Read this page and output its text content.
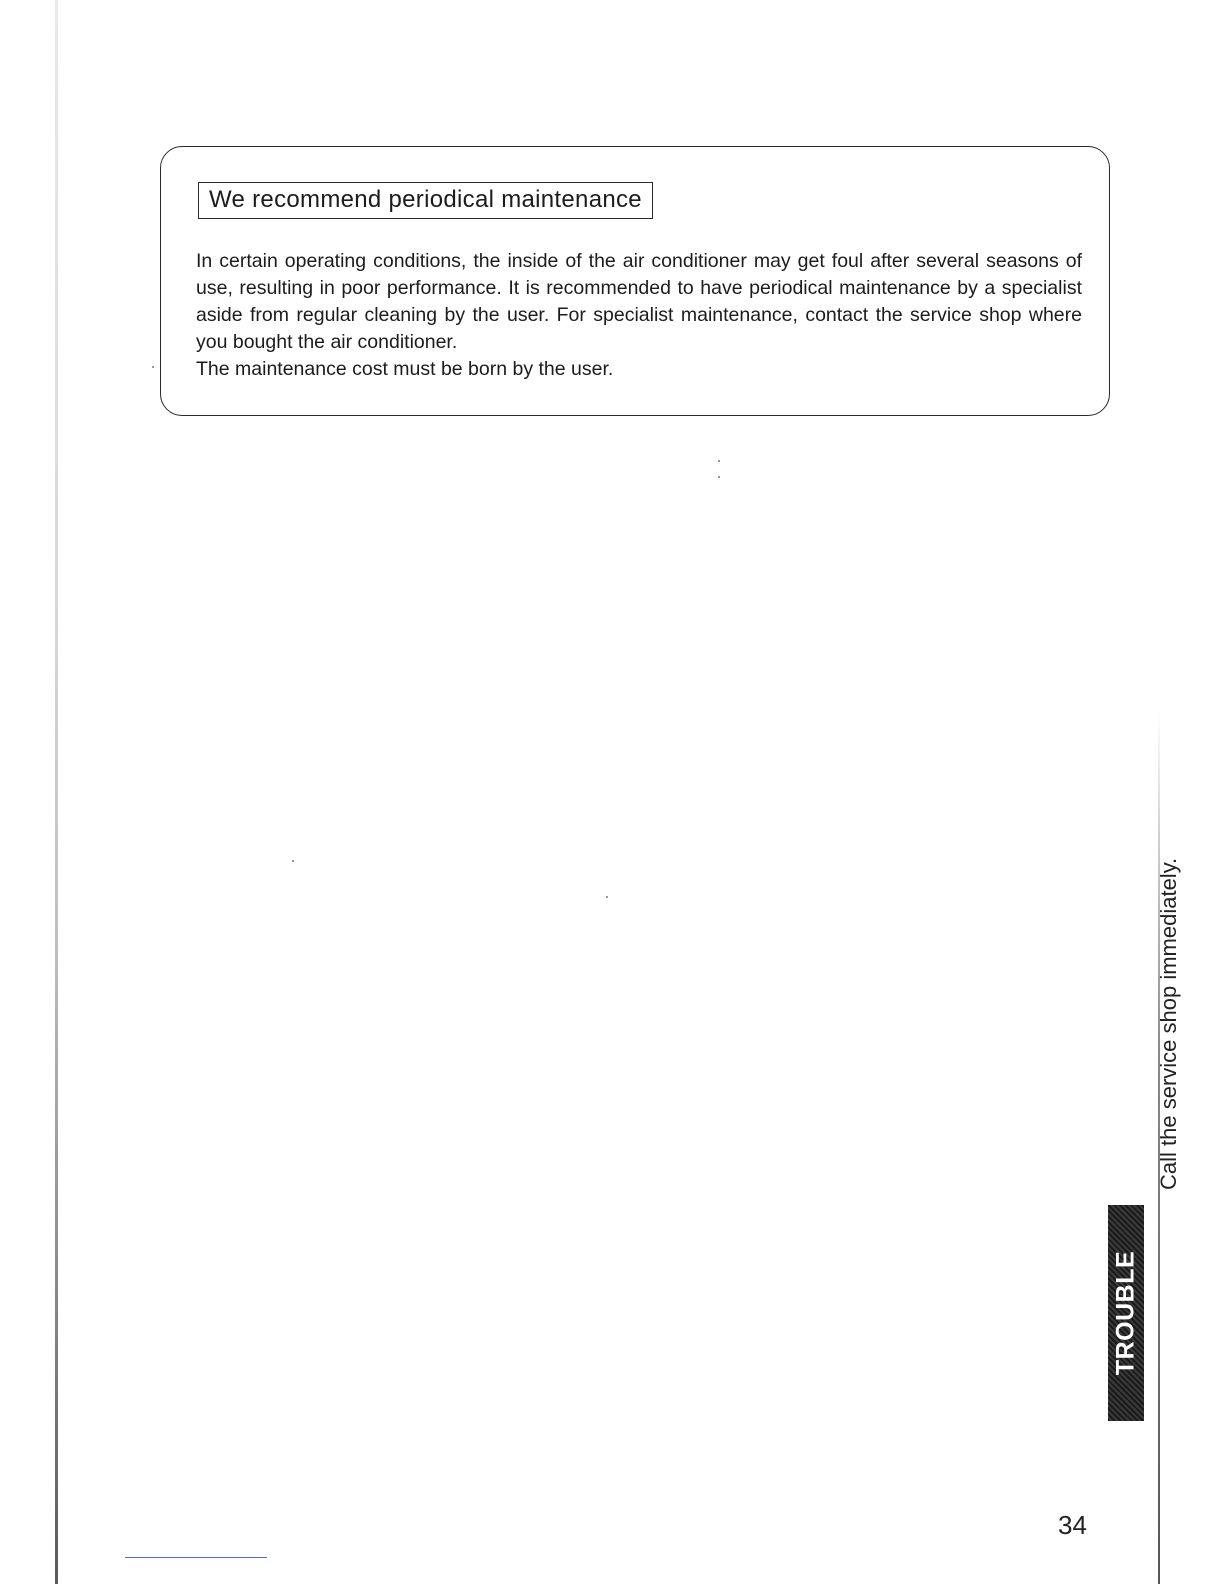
We recommend periodical maintenance

In certain operating conditions, the inside of the air conditioner may get foul after several seasons of use, resulting in poor performance. It is recommended to have periodical maintenance by a specialist aside from regular cleaning by the user. For specialist maintenance, contact the service shop where you bought the air conditioner.

The maintenance cost must be born by the user.

Call the service shop immediately.
TROUBLE
34
